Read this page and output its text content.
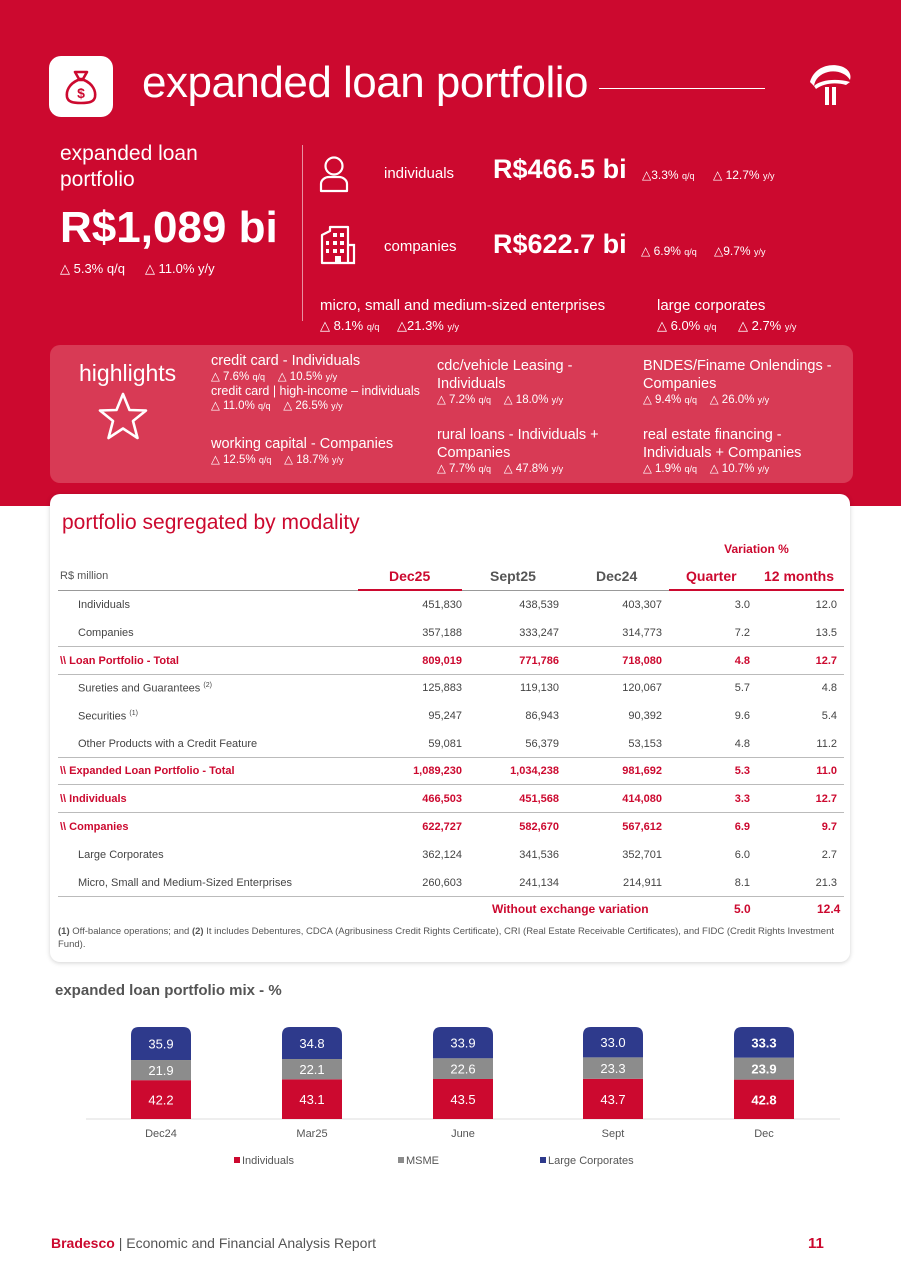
$ expanded loan portfolio
expanded loan portfolio
R$1,089 bi
△ 5.3% q/q △ 11.0% y/y
individuals R$466.5 bi △3.3% q/q △ 12.7% y/y
companies R$622.7 bi △ 6.9% q/q △9.7% y/y
micro, small and medium-sized enterprises
△ 8.1% q/q △21.3% y/y
large corporates
△ 6.0% q/q △ 2.7% y/y
highlights credit card - Individuals
△ 7.6% q/q △ 10.5% y/y
credit card | high-income – individuals
△ 11.0% q/q △ 26.5% y/y
working capital - Companies
△ 12.5% q/q △ 18.7% y/y
cdc/vehicle Leasing - Individuals
△ 7.2% q/q △ 18.0% y/y
rural loans - Individuals + Companies
△ 7.7% q/q △ 47.8% y/y
BNDES/Finame Onlendings - Companies
△ 9.4% q/q △ 26.0% y/y
real estate financing - Individuals + Companies
△ 1.9% q/q △ 10.7% y/y
portfolio segregated by modality
Variation %
R$ million	Dec25	Sept25	Dec24	Quarter 12 months
Individuals	451,830	438,539	403,307	3.0	12.0
Companies	357,188	333,247	314,773	7.2	13.5
\\ Loan Portfolio - Total	809,019	771,786	718,080	4.8	12.7
Sureties and Guarantees $^{(2)}$	125,883	119,130	120,067	5.7	4.8
Securities $^{(1)}$	95,247	86,943	90,392	9.6	5.4
Other Products with a Credit Feature	59,081	56,379	53,153	4.8	11.2
\\ Expanded Loan Portfolio - Total	1,089,230	1,034,238	981,692	5.3	11.0
\\ Individuals	466,503	451,568	414,080	3.3	12.7
\\ Companies	622,727	582,670	567,612	6.9	9.7
Large Corporates	362,124	341,536	352,701	6.0	2.7
Micro, Small and Medium-Sized Enterprises	260,603	241,134	214,911	8.1	21.3
Without exchange variation	5.0	12.4
(1) Off-balance operations; and (2) It includes Debentures, CDCA (Agribusiness Credit Rights Certificate), CRI (Real Estate Receivable Certificates), and FIDC (Credit Rights Investment Fund).
expanded loan portfolio mix - %
42.2
21.9
35.9
Dec24
43.1
22.1
34.8
Mar25
43.5
22.6
33.9
June
43.7
23.3
33.0
Sept
42.8
23.9
33.3
Dec
Individuals	MSME	Large Corporates
Bradesco | Economic and Financial Analysis Report	11
